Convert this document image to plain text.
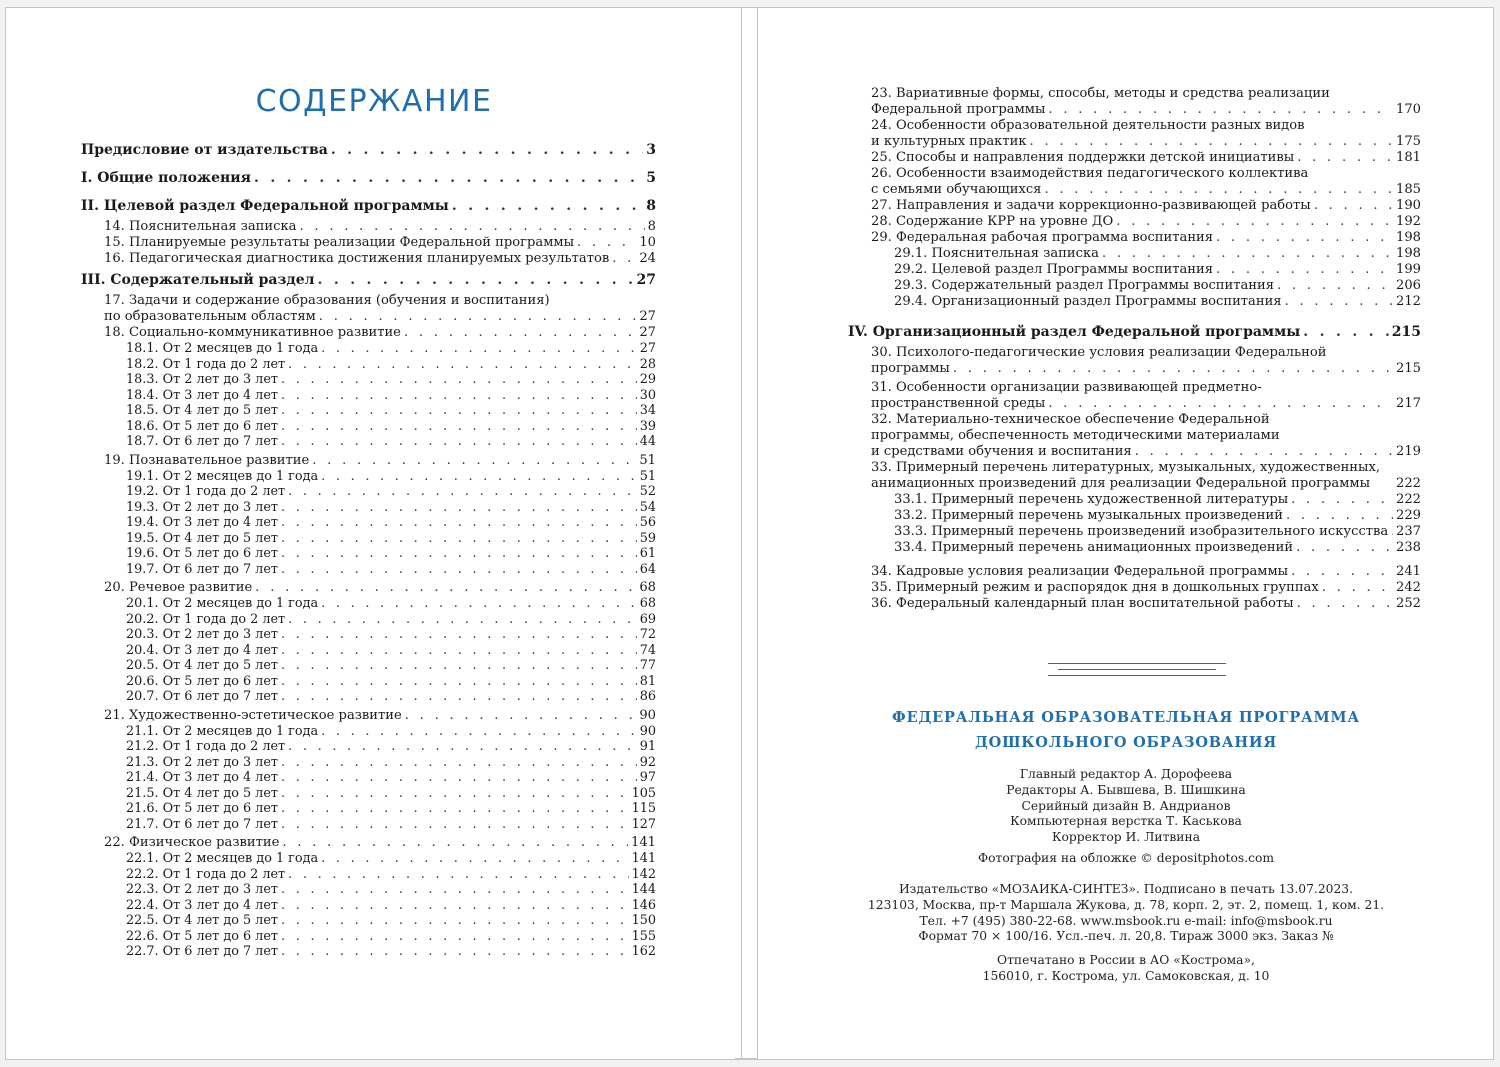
СОДЕРЖАНИЕ
Предисловие от издательства . . .	3
I. Общие положения . . .	5
II. Целевой раздел Федеральной программы . . .	8
14. Пояснительная записка . . .	8
15. Планируемые результаты реализации Федеральной программы . . .	10
16. Педагогическая диагностика достижения планируемых результатов . . . 24
III. Содержательный раздел . . .	27
17. Задачи и содержание образования (обучения и воспитания)
по образовательным областям . . .	27
18. Социально-коммуникативное развитие . . .	27
18.1. От 2 месяцев до 1 года . . .	27
18.2. От 1 года до 2 лет . . .	28
18.3. От 2 лет до 3 лет . . .	29
18.4. От 3 лет до 4 лет . . .	30
18.5. От 4 лет до 5 лет . . .	34
18.6. От 5 лет до 6 лет . . .	39
18.7. От 6 лет до 7 лет . . .	44
19. Познавательное развитие . . .	51
19.1. От 2 месяцев до 1 года . . .	51
19.2. От 1 года до 2 лет . . .	52
19.3. От 2 лет до 3 лет . . .	54
19.4. От 3 лет до 4 лет . . .	56
19.5. От 4 лет до 5 лет . . .	59
19.6. От 5 лет до 6 лет . . .	61
19.7. От 6 лет до 7 лет . . .	64
20. Речевое развитие . . .	68
20.1. От 2 месяцев до 1 года . . .	68
20.2. От 1 года до 2 лет . . .	69
20.3. От 2 лет до 3 лет . . .	72
20.4. От 3 лет до 4 лет . . .	74
20.5. От 4 лет до 5 лет . . .	77
20.6. От 5 лет до 6 лет . . .	81
20.7. От 6 лет до 7 лет . . .	86
21. Художественно-эстетическое развитие . . .	90
21.1. От 2 месяцев до 1 года . . .	90
21.2. От 1 года до 2 лет . . .	91
21.3. От 2 лет до 3 лет . . .	92
21.4. От 3 лет до 4 лет . . .	97
21.5. От 4 лет до 5 лет . . .	105
21.6. От 5 лет до 6 лет . . .	115
21.7. От 6 лет до 7 лет . . .	127
22. Физическое развитие . . .	141
22.1. От 2 месяцев до 1 года . . .	141
22.2. От 1 года до 2 лет . . .	142
22.3. От 2 лет до 3 лет . . .	144
22.4. От 3 лет до 4 лет . . .	146
22.5. От 4 лет до 5 лет . . .	150
22.6. От 5 лет до 6 лет . . .	155
22.7. От 6 лет до 7 лет . . .	162
23. Вариативные формы, способы, методы и средства реализации
Федеральной программы . . .	170
24. Особенности образовательной деятельности разных видов
и культурных практик . . .	175
25. Способы и направления поддержки детской инициативы . . .	181
26. Особенности взаимодействия педагогического коллектива
с семьями обучающихся . . .	185
27. Направления и задачи коррекционно-развивающей работы . . .	190
28. Содержание КРР на уровне ДО . . .	192
29. Федеральная рабочая программа воспитания . . .	198
29.1. Пояснительная записка . . .	198
29.2. Целевой раздел Программы воспитания . . .	199
29.3. Содержательный раздел Программы воспитания . . .	206
29.4. Организационный раздел Программы воспитания . . .	212
IV. Организационный раздел Федеральной программы . . .	215
30. Психолого-педагогические условия реализации Федеральной
программы . . .	215
31. Особенности организации развивающей предметно-
пространственной среды . . .	217
32. Материально-техническое обеспечение Федеральной
программы, обеспеченность методическими материалами
и средствами обучения и воспитания . . .	219
33. Примерный перечень литературных, музыкальных, художественных,
анимационных произведений для реализации Федеральной программы 222
33.1. Примерный перечень художественной литературы . . .	222
33.2. Примерный перечень музыкальных произведений . . .	229
33.3. Примерный перечень произведений изобразительного искусства . . . 237
33.4. Примерный перечень анимационных произведений . . .	238
34. Кадровые условия реализации Федеральной программы . . .	241
35. Примерный режим и распорядок дня в дошкольных группах . . .	242
36. Федеральный календарный план воспитательной работы . . .	252
ФЕДЕРАЛЬНАЯ ОБРАЗОВАТЕЛЬНАЯ ПРОГРАММА
ДОШКОЛЬНОГО ОБРАЗОВАНИЯ
Главный редактор А. Дорофеева
Редакторы А. Бывшева, В. Шишкина
Серийный дизайн В. Андрианов
Компьютерная верстка Т. Каськова
Корректор И. Литвина
Фотография на обложке © depositphotos.com
Издательство «МОЗАИКА-СИНТЕЗ». Подписано в печать 13.07.2023.
123103, Москва, пр-т Маршала Жукова, д. 78, корп. 2, эт. 2, помещ. 1, ком. 21.
Тел. +7 (495) 380-22-68. www.msbook.ru e-mail: info@msbook.ru
Формат 70 × 100/16. Усл.-печ. л. 20,8. Тираж 3000 экз. Заказ №
Отпечатано в России в АО «Кострома»,
156010, г. Кострома, ул. Самоковская, д. 10
